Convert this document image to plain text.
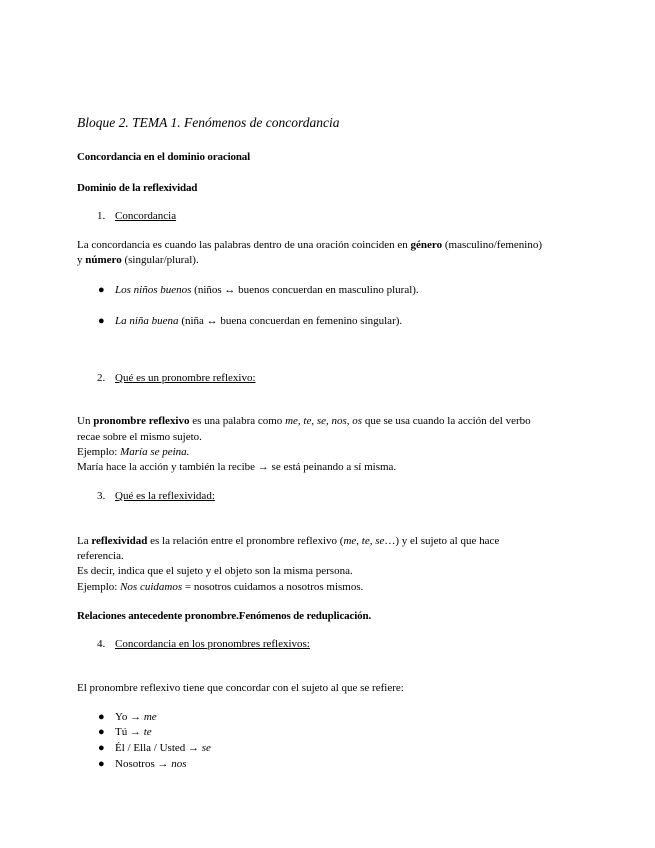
Bloque 2. TEMA 1. Fenómenos de concordancia
Concordancia en el dominio oracional
Dominio de la reflexividad
1. Concordancia
La concordancia es cuando las palabras dentro de una oración coinciden en género (masculino/femenino)
y número (singular/plural).
● Los niños buenos (niños ↔ buenos concuerdan en masculino plural).
● La niña buena (niña ↔ buena concuerdan en femenino singular).
2. Qué es un pronombre reflexivo:
Un pronombre reflexivo es una palabra como me, te, se, nos, os que se usa cuando la acción del verbo
recae sobre el mismo sujeto.
Ejemplo: María se peina.
María hace la acción y también la recibe → se está peinando a sí misma.
3. Qué es la reflexividad:
La reflexividad es la relación entre el pronombre reflexivo (me, te, se…) y el sujeto al que hace
referencia.
Es decir, indica que el sujeto y el objeto son la misma persona.
Ejemplo: Nos cuidamos = nosotros cuidamos a nosotros mismos.
Relaciones antecedente pronombre.Fenómenos de reduplicación.
4. Concordancia en los pronombres reflexivos:
El pronombre reflexivo tiene que concordar con el sujeto al que se refiere:
● Yo → me
● Tú → te
● Él / Ella / Usted → se
● Nosotros → nos
